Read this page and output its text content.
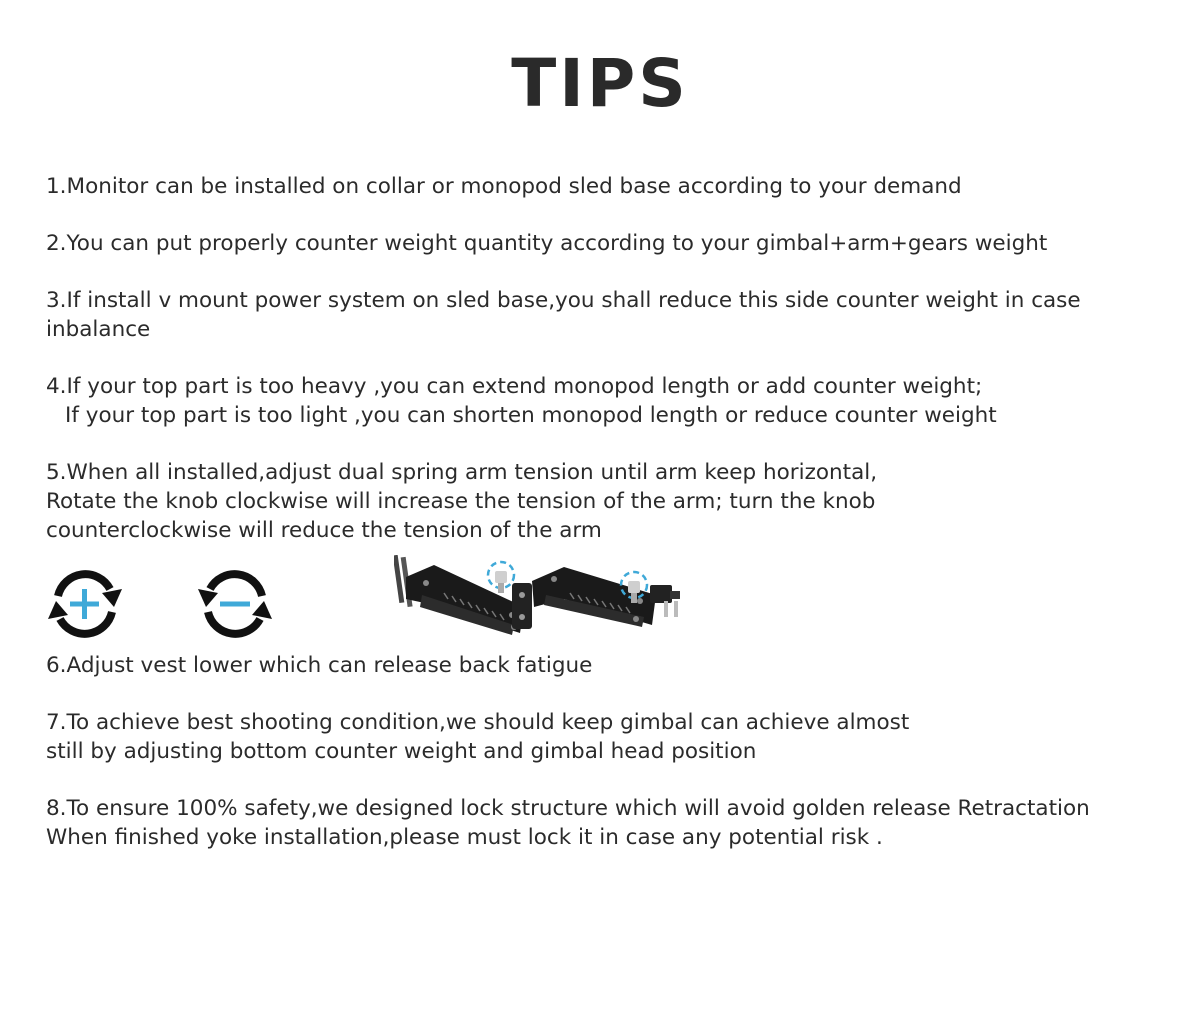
TIPS
1.Monitor can be installed on collar or monopod sled base according to your demand
2.You can put properly counter weight quantity according to your gimbal+arm+gears weight
3.If install v mount power system on sled base,you shall reduce this side counter weight in case inbalance
4.If your top part is too heavy ,you can extend monopod length or add counter weight;
If your top part is too light ,you can shorten monopod length or reduce counter weight
5.When all installed,adjust dual spring arm tension until arm keep horizontal,
Rotate the knob clockwise will increase the tension of the arm; turn the knob
counterclockwise will reduce the tension of the arm
6.Adjust vest lower which can release back fatigue
7.To achieve best shooting condition,we should keep gimbal can achieve almost
still by adjusting bottom counter weight and gimbal head position
8.To ensure 100% safety,we designed lock structure which will avoid golden release Retractation
When finished yoke installation,please must lock it in case any potential risk .
